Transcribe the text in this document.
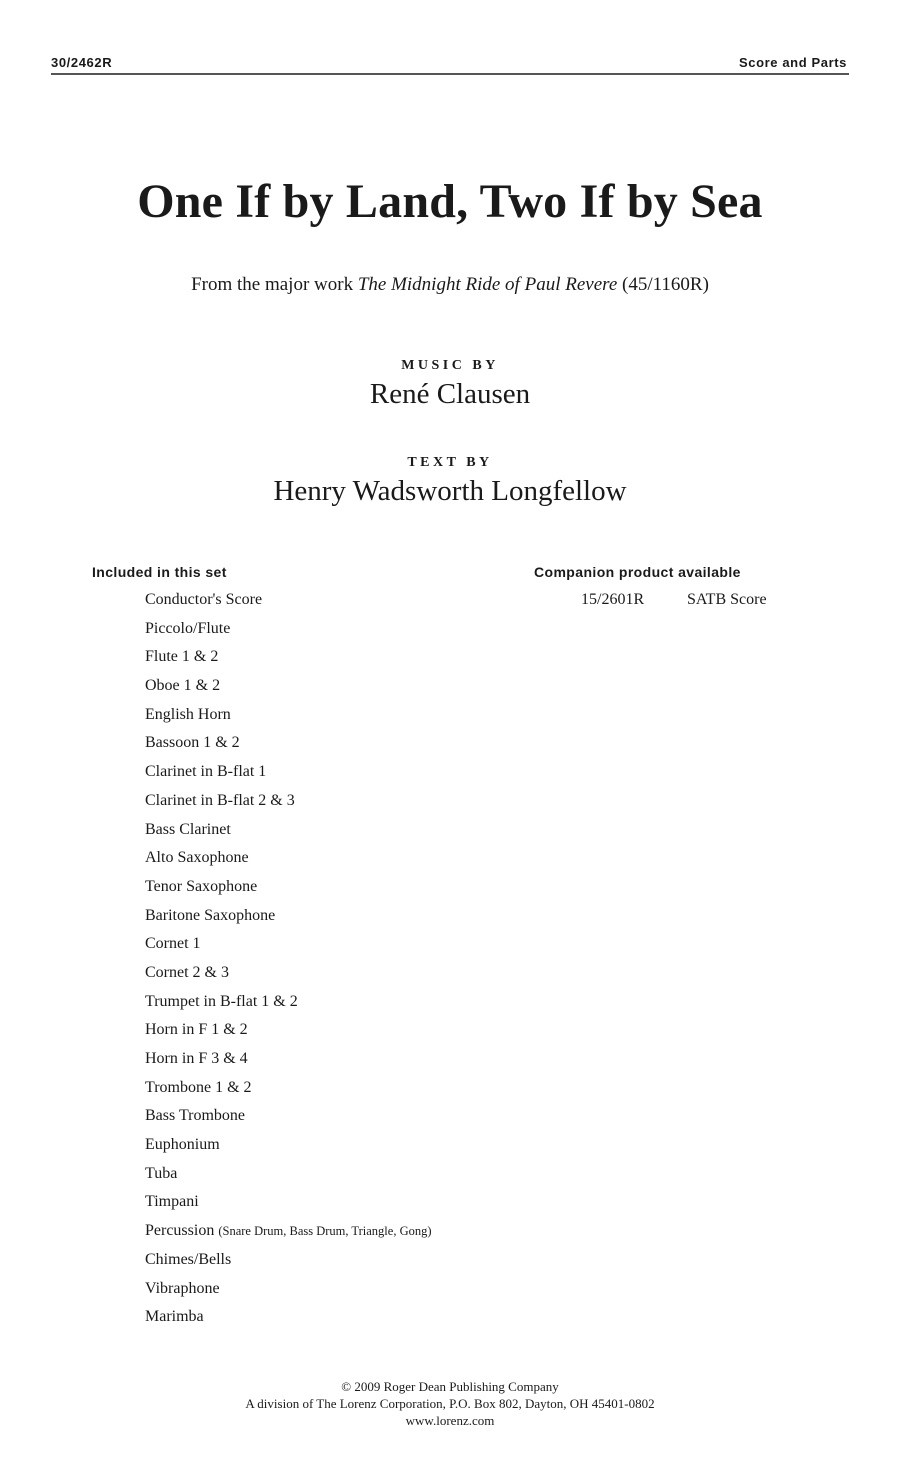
30/2462R	Score and Parts
One If by Land, Two If by Sea
From the major work The Midnight Ride of Paul Revere (45/1160R)
MUSIC BY
René Clausen
TEXT BY
Henry Wadsworth Longfellow
Included in this set
Conductor's Score
Piccolo/Flute
Flute 1 & 2
Oboe 1 & 2
English Horn
Bassoon 1 & 2
Clarinet in B-flat 1
Clarinet in B-flat 2 & 3
Bass Clarinet
Alto Saxophone
Tenor Saxophone
Baritone Saxophone
Cornet 1
Cornet 2 & 3
Trumpet in B-flat 1 & 2
Horn in F 1 & 2
Horn in F 3 & 4
Trombone 1 & 2
Bass Trombone
Euphonium
Tuba
Timpani
Percussion (Snare Drum, Bass Drum, Triangle, Gong)
Chimes/Bells
Vibraphone
Marimba
Companion product available
15/2601R	SATB Score
© 2009 Roger Dean Publishing Company
A division of The Lorenz Corporation, P.O. Box 802, Dayton, OH 45401-0802
www.lorenz.com
